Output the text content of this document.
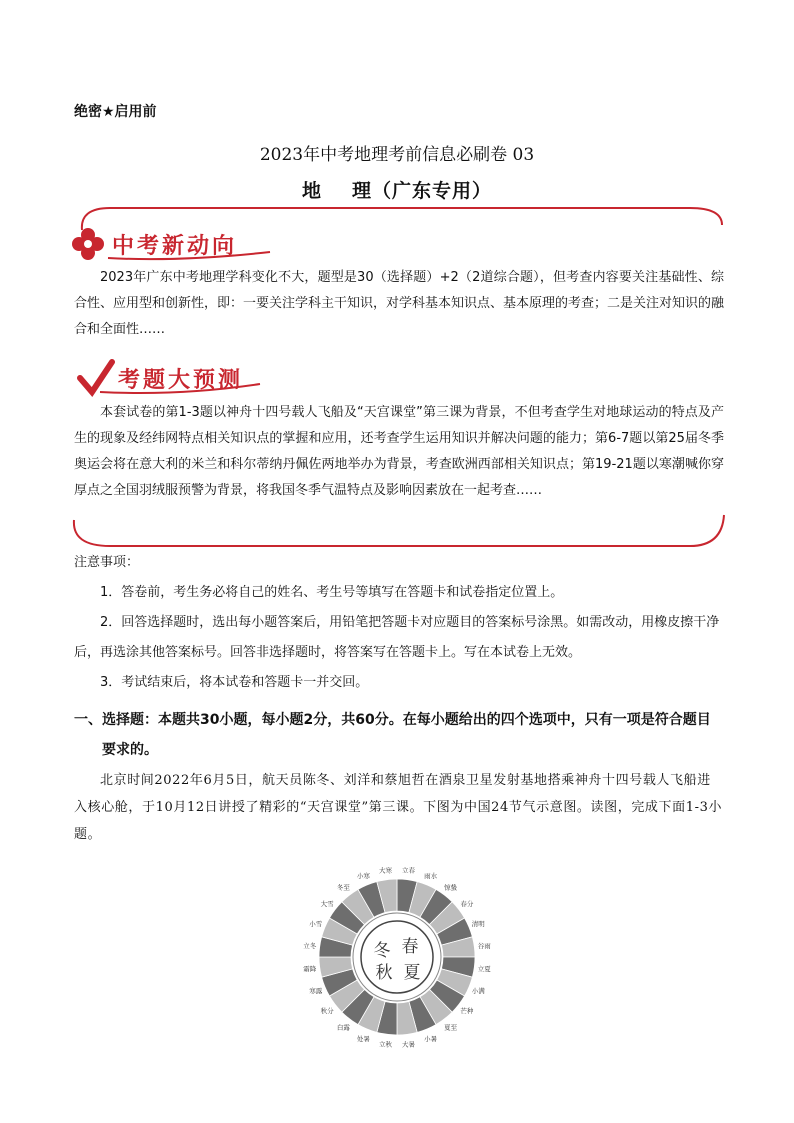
绝密★启用前
2023年中考地理考前信息必刷卷 03
地 理（广东专用）
中考新动向
考题大预测

2023年广东中考地理学科变化不大，题型是30（选择题）+2（2道综合题），但考查内容要关注基础性、综合性、应用型和创新性，即：一要关注学科主干知识，对学科基本知识点、基本原理的考查；二是关注对知识的融合和全面性……

本套试卷的第1-3题以神舟十四号载人飞船及“天宫课堂”第三课为背景，不但考查学生对地球运动的特点及产生的现象及经纬网特点相关知识点的掌握和应用，还考查学生运用知识并解决问题的能力；第6-7题以第25届冬季奥运会将在意大利的米兰和科尔蒂纳丹佩佐两地举办为背景，考查欧洲西部相关知识点；第19-21题以寒潮喊你穿厚点之全国羽绒服预警为背景，将我国冬季气温特点及影响因素放在一起考查……

注意事项：

1．答卷前，考生务必将自己的姓名、考生号等填写在答题卡和试卷指定位置上。

2．回答选择题时，选出每小题答案后，用铅笔把答题卡对应题目的答案标号涂黑。如需改动，用橡皮擦干净后，再选涂其他答案标号。回答非选择题时，将答案写在答题卡上。写在本试卷上无效。

3．考试结束后，将本试卷和答题卡一并交回。

一、选择题：本题共30小题，每小题2分，共60分。在每小题给出的四个选项中，只有一项是符合题目
要求的。

北京时间2022年6月5日，航天员陈冬、刘洋和蔡旭哲在酒泉卫星发射基地搭乘神舟十四号载人飞船进入核心舱，于10月12日讲授了精彩的“天宫课堂”第三课。下图为中国24节气示意图。读图，完成下面1-3小题。

立春
雨水
惊蛰
春分
清明
谷雨
立夏
小满
芒种
夏至
小暑
大暑
立秋
处暑
白露
秋分
寒露
霜降
立冬
小雪
大雪
冬至
小寒
大寒
冬 春
秋 夏
